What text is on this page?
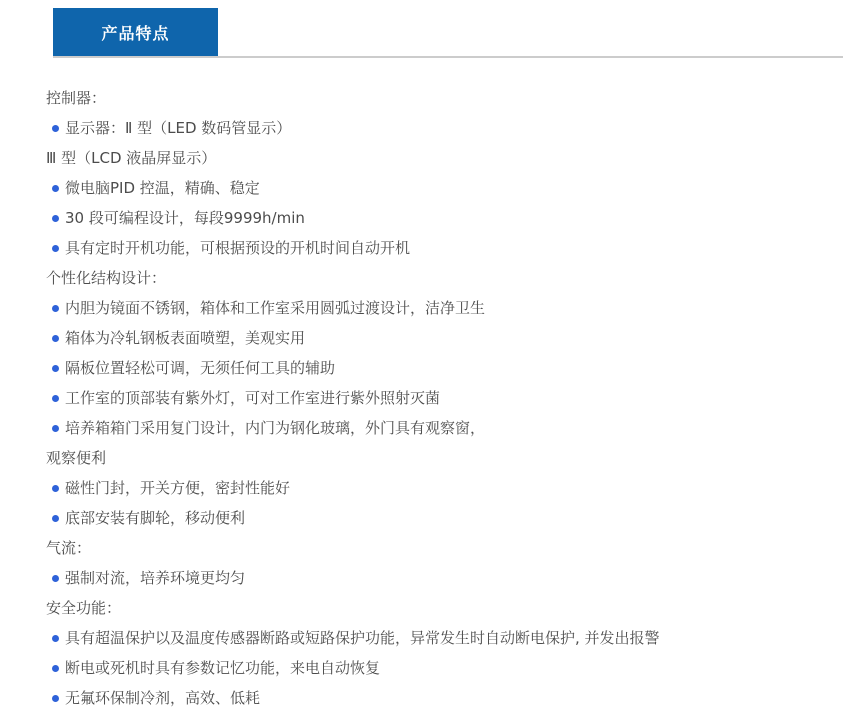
产品特点
控制器：
显示器：Ⅱ 型（LED 数码管显示）
Ⅲ 型（LCD 液晶屏显示）
微电脑PID 控温，精确、稳定
30 段可编程设计，每段9999h/min
具有定时开机功能，可根据预设的开机时间自动开机
个性化结构设计：
内胆为镜面不锈钢，箱体和工作室采用圆弧过渡设计，洁净卫生
箱体为冷轧钢板表面喷塑，美观实用
隔板位置轻松可调，无须任何工具的辅助
工作室的顶部装有紫外灯，可对工作室进行紫外照射灭菌
培养箱箱门采用复门设计，内门为钢化玻璃，外门具有观察窗，
观察便利
磁性门封，开关方便，密封性能好
底部安装有脚轮，移动便利
气流：
强制对流，培养环境更均匀
安全功能：
具有超温保护以及温度传感器断路或短路保护功能，异常发生时自动断电保护, 并发出报警
断电或死机时具有参数记忆功能，来电自动恢复
无氟环保制冷剂，高效、低耗
